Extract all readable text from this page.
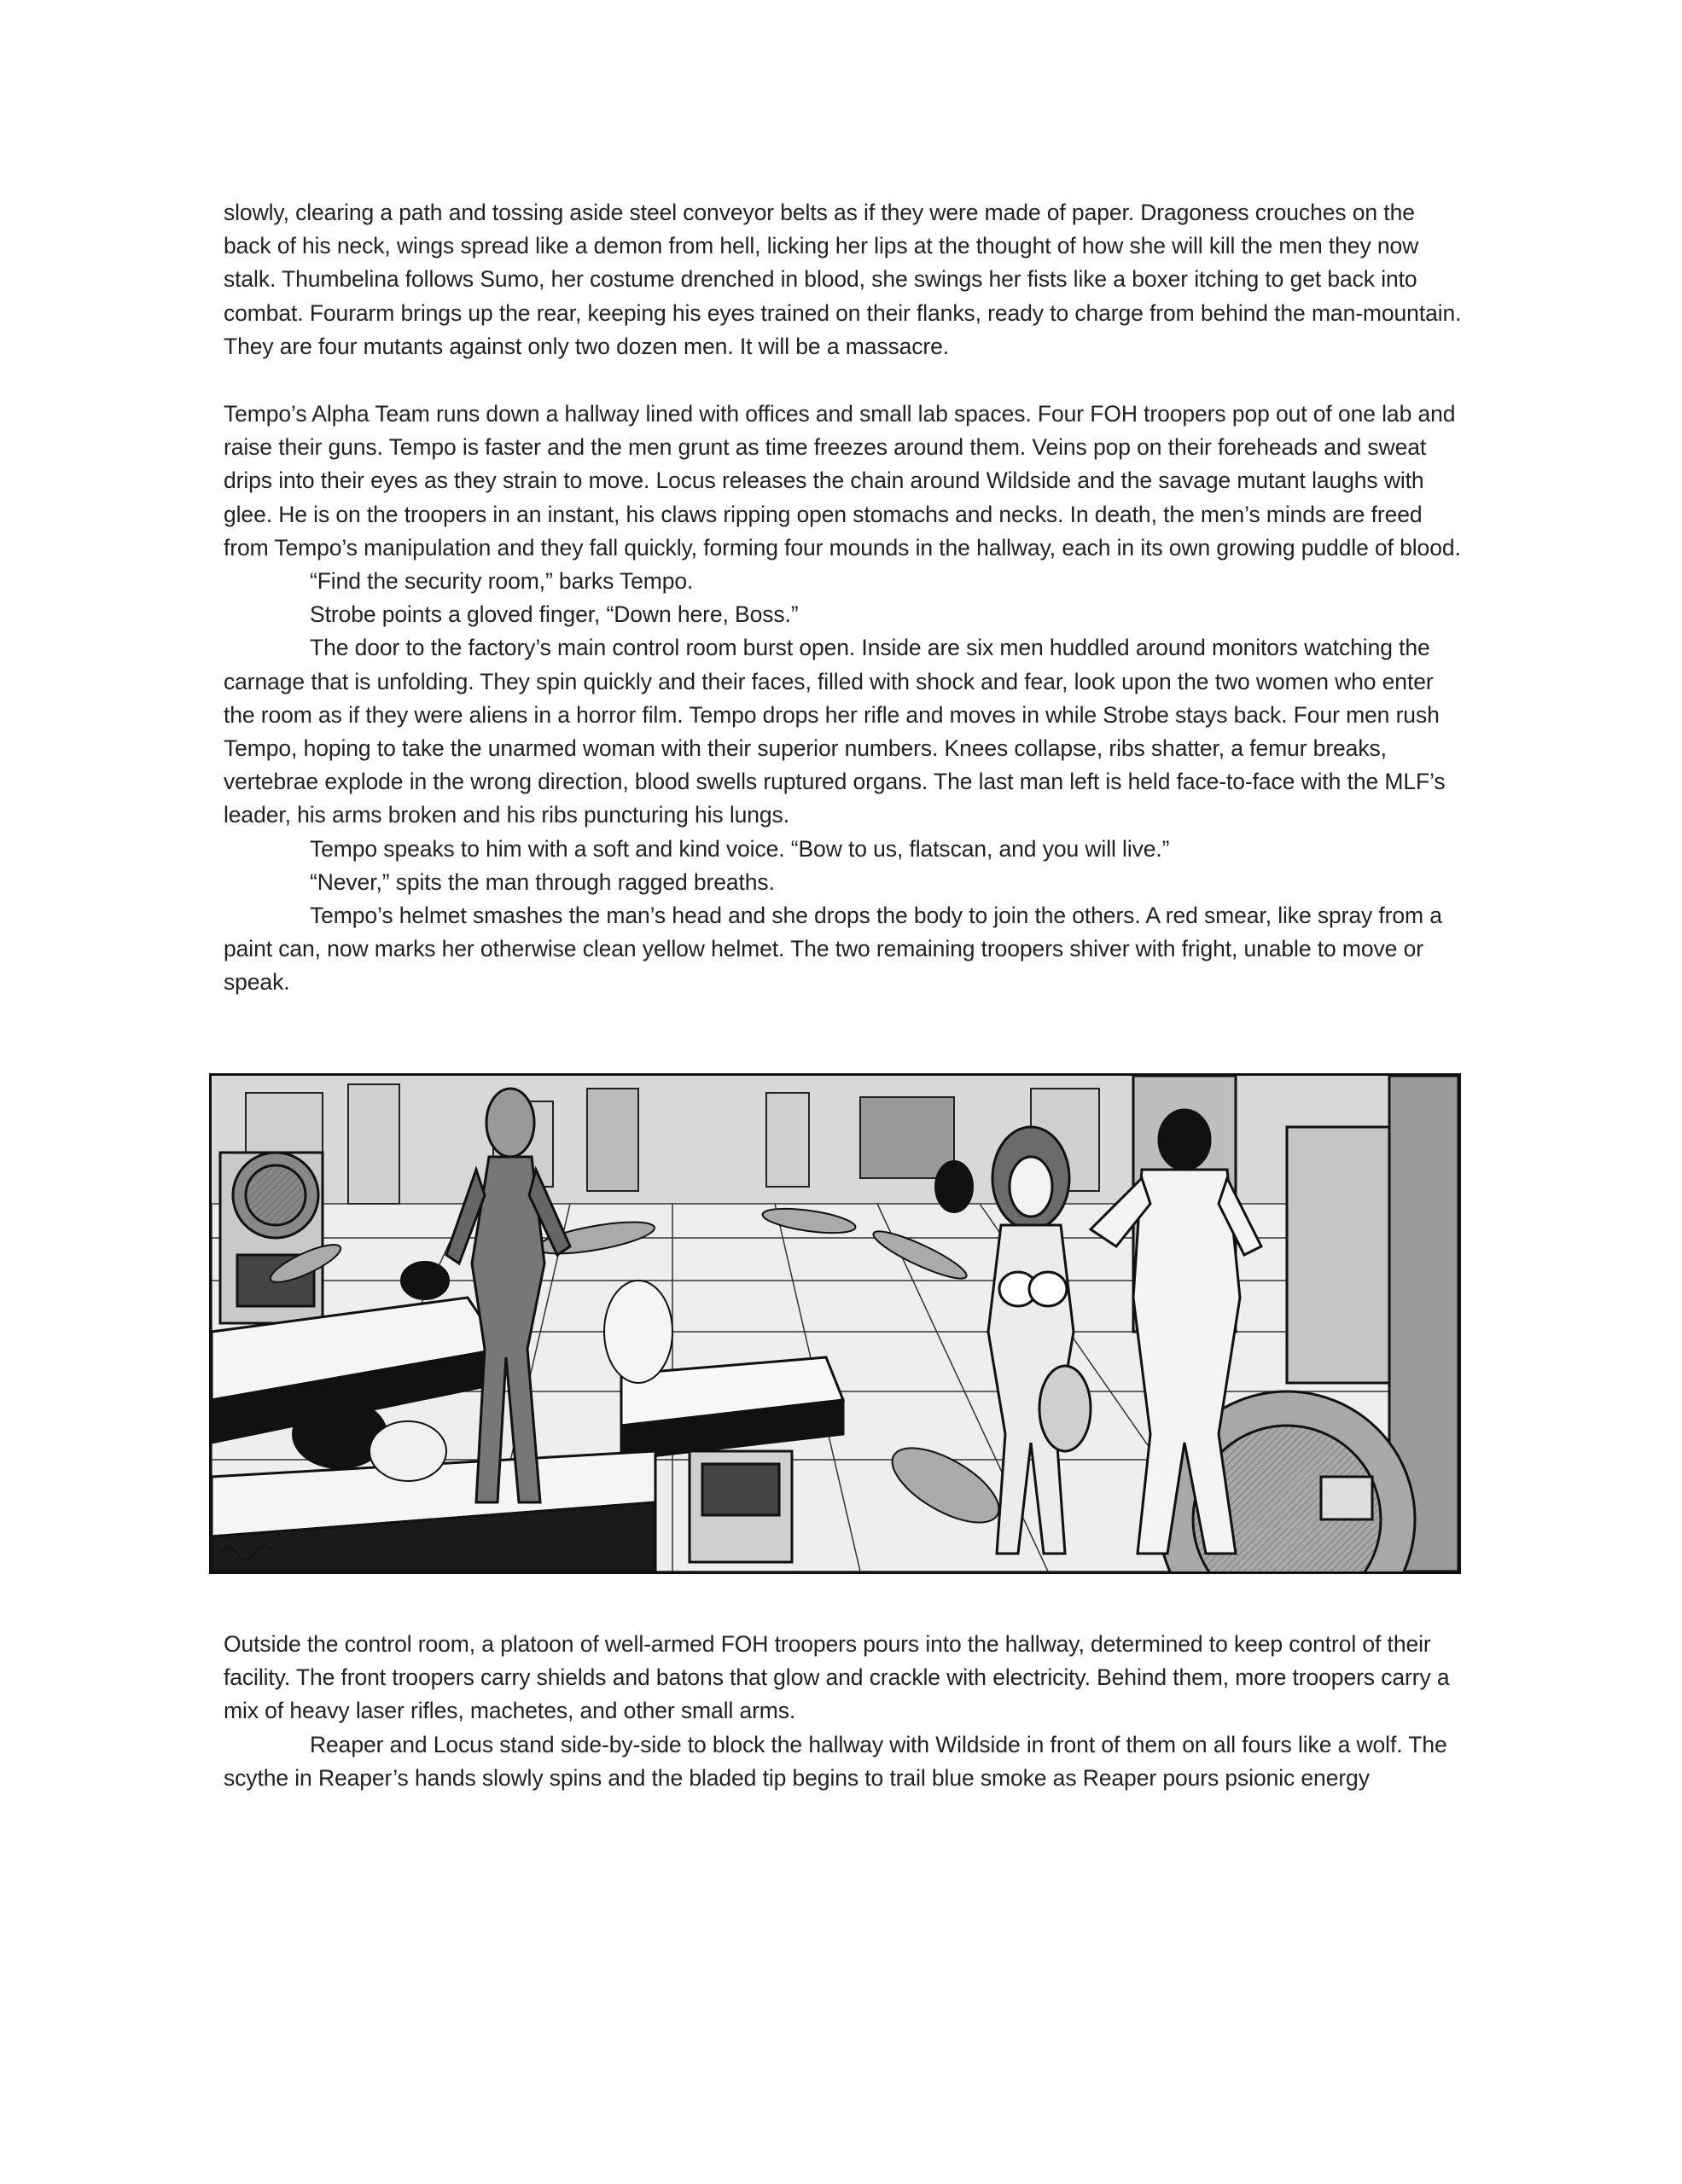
slowly, clearing a path and tossing aside steel conveyor belts as if they were made of paper. Dragoness crouches on the back of his neck, wings spread like a demon from hell, licking her lips at the thought of how she will kill the men they now stalk. Thumbelina follows Sumo, her costume drenched in blood, she swings her fists like a boxer itching to get back into combat. Fourarm brings up the rear, keeping his eyes trained on their flanks, ready to charge from behind the man-mountain. They are four mutants against only two dozen men. It will be a massacre.

Tempo’s Alpha Team runs down a hallway lined with offices and small lab spaces. Four FOH troopers pop out of one lab and raise their guns. Tempo is faster and the men grunt as time freezes around them. Veins pop on their foreheads and sweat drips into their eyes as they strain to move. Locus releases the chain around Wildside and the savage mutant laughs with glee. He is on the troopers in an instant, his claws ripping open stomachs and necks. In death, the men’s minds are freed from Tempo’s manipulation and they fall quickly, forming four mounds in the hallway, each in its own growing puddle of blood.

“Find the security room,” barks Tempo.

Strobe points a gloved finger, “Down here, Boss.”

The door to the factory’s main control room burst open. Inside are six men huddled around monitors watching the carnage that is unfolding. They spin quickly and their faces, filled with shock and fear, look upon the two women who enter the room as if they were aliens in a horror film. Tempo drops her rifle and moves in while Strobe stays back. Four men rush Tempo, hoping to take the unarmed woman with their superior numbers. Knees collapse, ribs shatter, a femur breaks, vertebrae explode in the wrong direction, blood swells ruptured organs. The last man left is held face-to-face with the MLF’s leader, his arms broken and his ribs puncturing his lungs.

Tempo speaks to him with a soft and kind voice. “Bow to us, flatscan, and you will live.”

“Never,” spits the man through ragged breaths.

Tempo’s helmet smashes the man’s head and she drops the body to join the others. A red smear, like spray from a paint can, now marks her otherwise clean yellow helmet. The two remaining troopers shiver with fright, unable to move or speak.

Outside the control room, a platoon of well-armed FOH troopers pours into the hallway, determined to keep control of their facility. The front troopers carry shields and batons that glow and crackle with electricity. Behind them, more troopers carry a mix of heavy laser rifles, machetes, and other small arms.

Reaper and Locus stand side-by-side to block the hallway with Wildside in front of them on all fours like a wolf. The scythe in Reaper’s hands slowly spins and the bladed tip begins to trail blue smoke as Reaper pours psionic energy
